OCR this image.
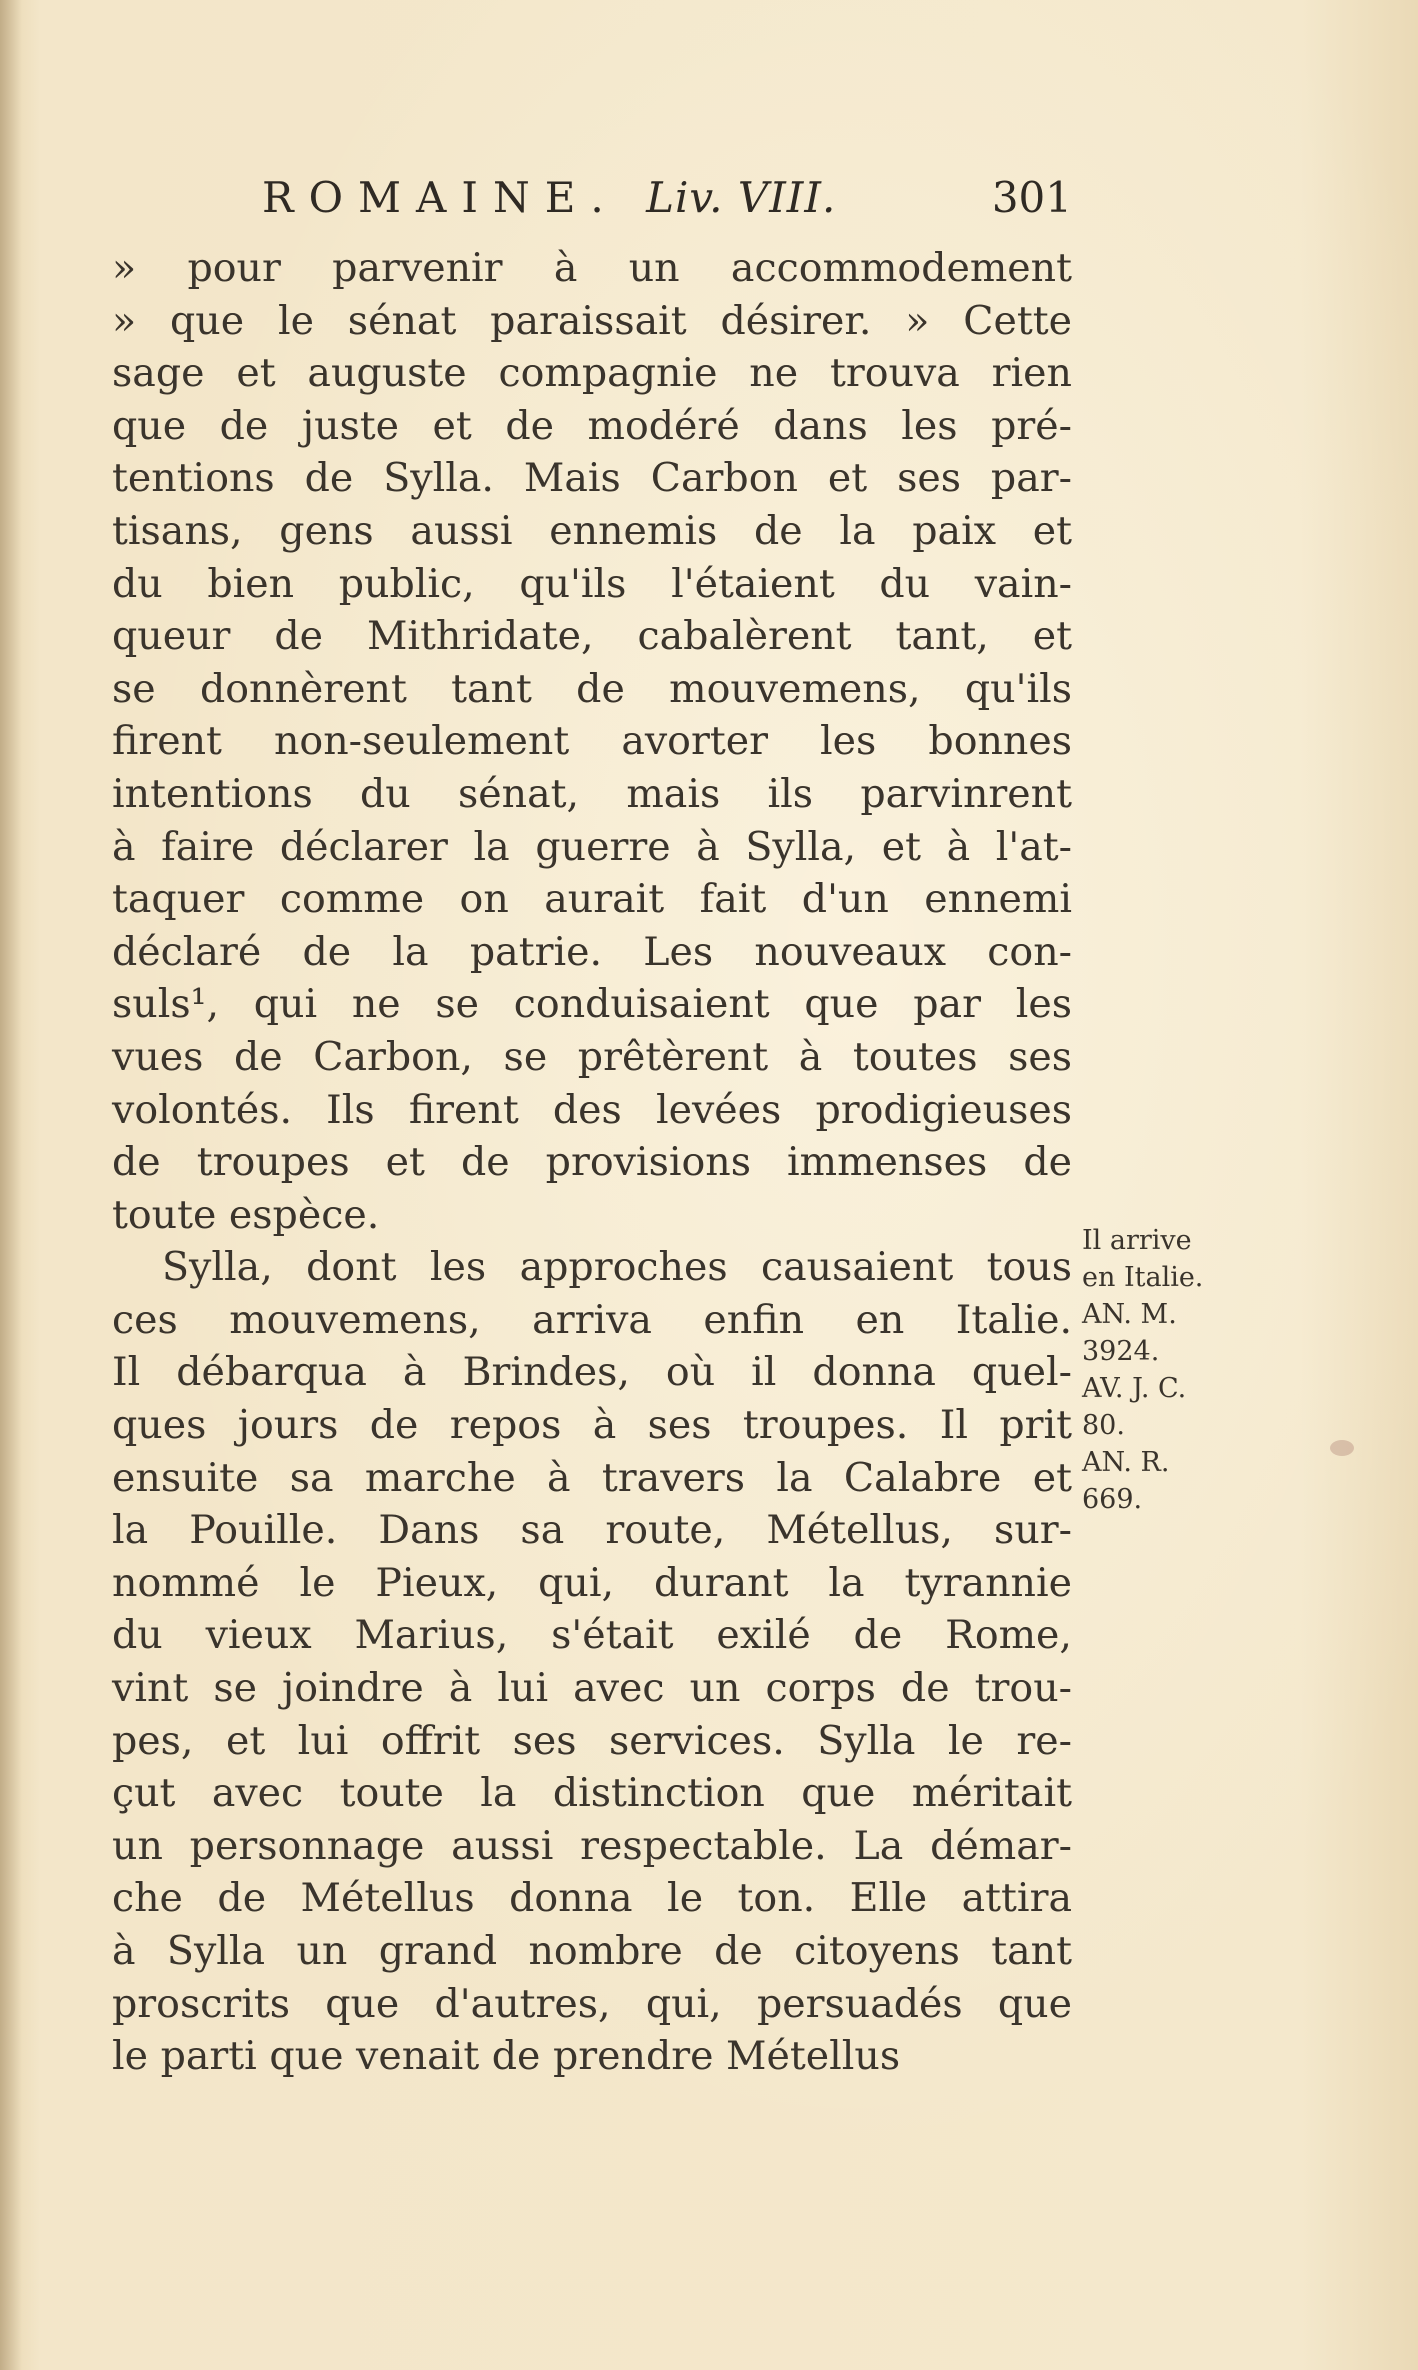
ROMAINE. Liv. VIII.	301
» pour parvenir à un accommodement
» que le sénat paraissait désirer. » Cette
sage et auguste compagnie ne trouva rien
que de juste et de modéré dans les pré-
tentions de Sylla. Mais Carbon et ses par-
tisans, gens aussi ennemis de la paix et
du bien public, qu'ils l'étaient du vain-
queur de Mithridate, cabalèrent tant, et
se donnèrent tant de mouvemens, qu'ils
firent non-seulement avorter les bonnes
intentions du sénat, mais ils parvinrent
à faire déclarer la guerre à Sylla, et à l'at-
taquer comme on aurait fait d'un ennemi
déclaré de la patrie. Les nouveaux con-
suls¹, qui ne se conduisaient que par les
vues de Carbon, se prêtèrent à toutes ses
volontés. Ils firent des levées prodigieuses
de troupes et de provisions immenses de
toute espèce.
Sylla, dont les approches causaient tous
ces mouvemens, arriva enfin en Italie.
Il débarqua à Brindes, où il donna quel-
ques jours de repos à ses troupes. Il prit
ensuite sa marche à travers la Calabre et
la Pouille. Dans sa route, Métellus, sur-
nommé le Pieux, qui, durant la tyrannie
du vieux Marius, s'était exilé de Rome,
vint se joindre à lui avec un corps de trou-
pes, et lui offrit ses services. Sylla le re-
çut avec toute la distinction que méritait
un personnage aussi respectable. La démar-
che de Métellus donna le ton. Elle attira
à Sylla un grand nombre de citoyens tant
proscrits que d'autres, qui, persuadés que
le parti que venait de prendre Métellus
Il arrive
en Italie.
AN. M.
3924.
AV. J. C.
80.
AN. R.
669.
